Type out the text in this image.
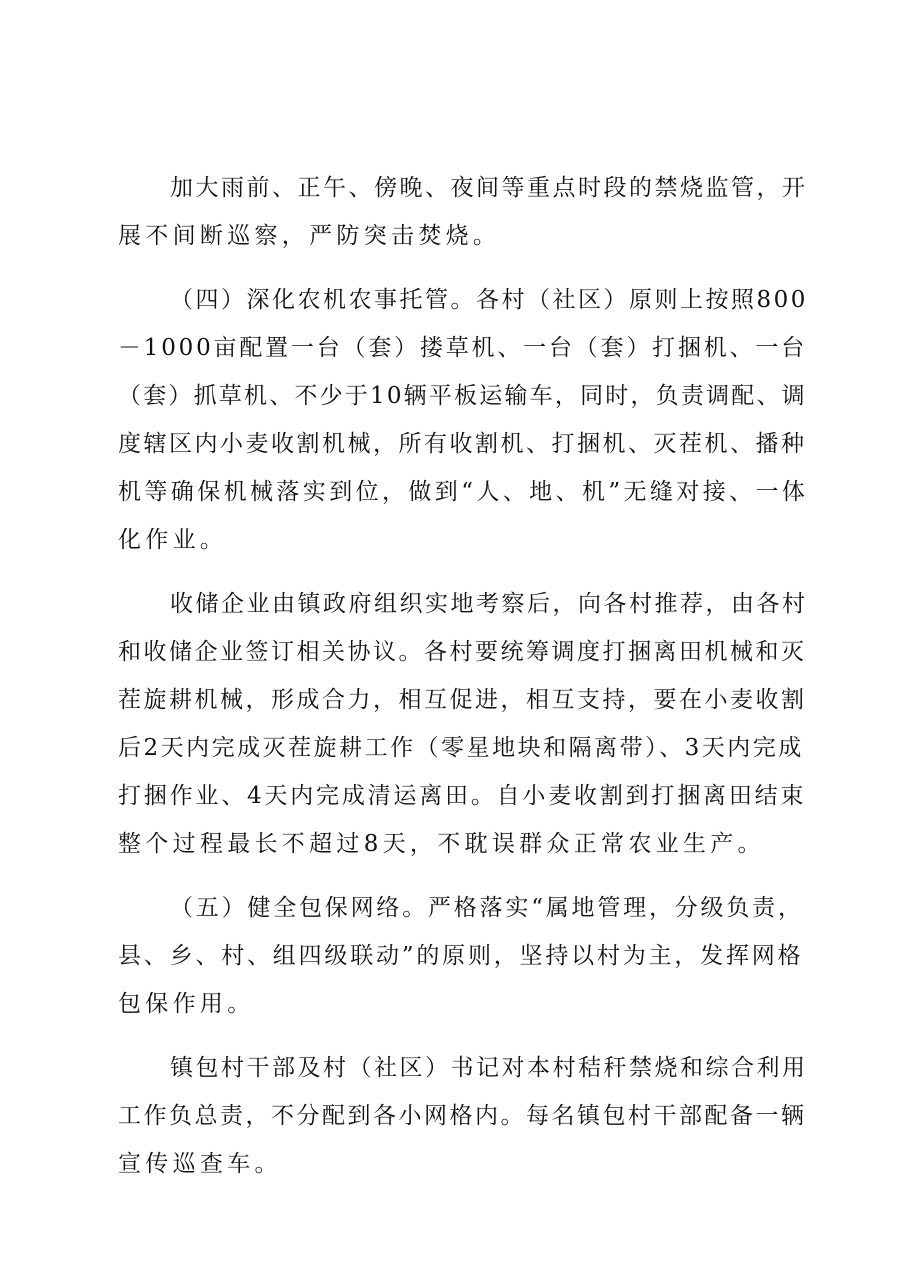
加大雨前、正午、傍晚、夜间等重点时段的禁烧监管，开
展不间断巡察，严防突击焚烧。
（四）深化农机农事托管。各村（社区）原则上按照800
－1000亩配置一台（套）搂草机、一台（套）打捆机、一台
（套）抓草机、不少于10辆平板运输车，同时，负责调配、调
度辖区内小麦收割机械，所有收割机、打捆机、灭茬机、播种
机等确保机械落实到位，做到“人、地、机”无缝对接、一体
化作业。
收储企业由镇政府组织实地考察后，向各村推荐，由各村
和收储企业签订相关协议。各村要统筹调度打捆离田机械和灭
茬旋耕机械，形成合力，相互促进，相互支持，要在小麦收割
后2天内完成灭茬旋耕工作（零星地块和隔离带）、3天内完成
打捆作业、4天内完成清运离田。自小麦收割到打捆离田结束
整个过程最长不超过8天，不耽误群众正常农业生产。
（五）健全包保网络。严格落实“属地管理，分级负责，
县、乡、村、组四级联动”的原则，坚持以村为主，发挥网格
包保作用。
镇包村干部及村（社区）书记对本村秸秆禁烧和综合利用
工作负总责，不分配到各小网格内。每名镇包村干部配备一辆
宣传巡查车。
